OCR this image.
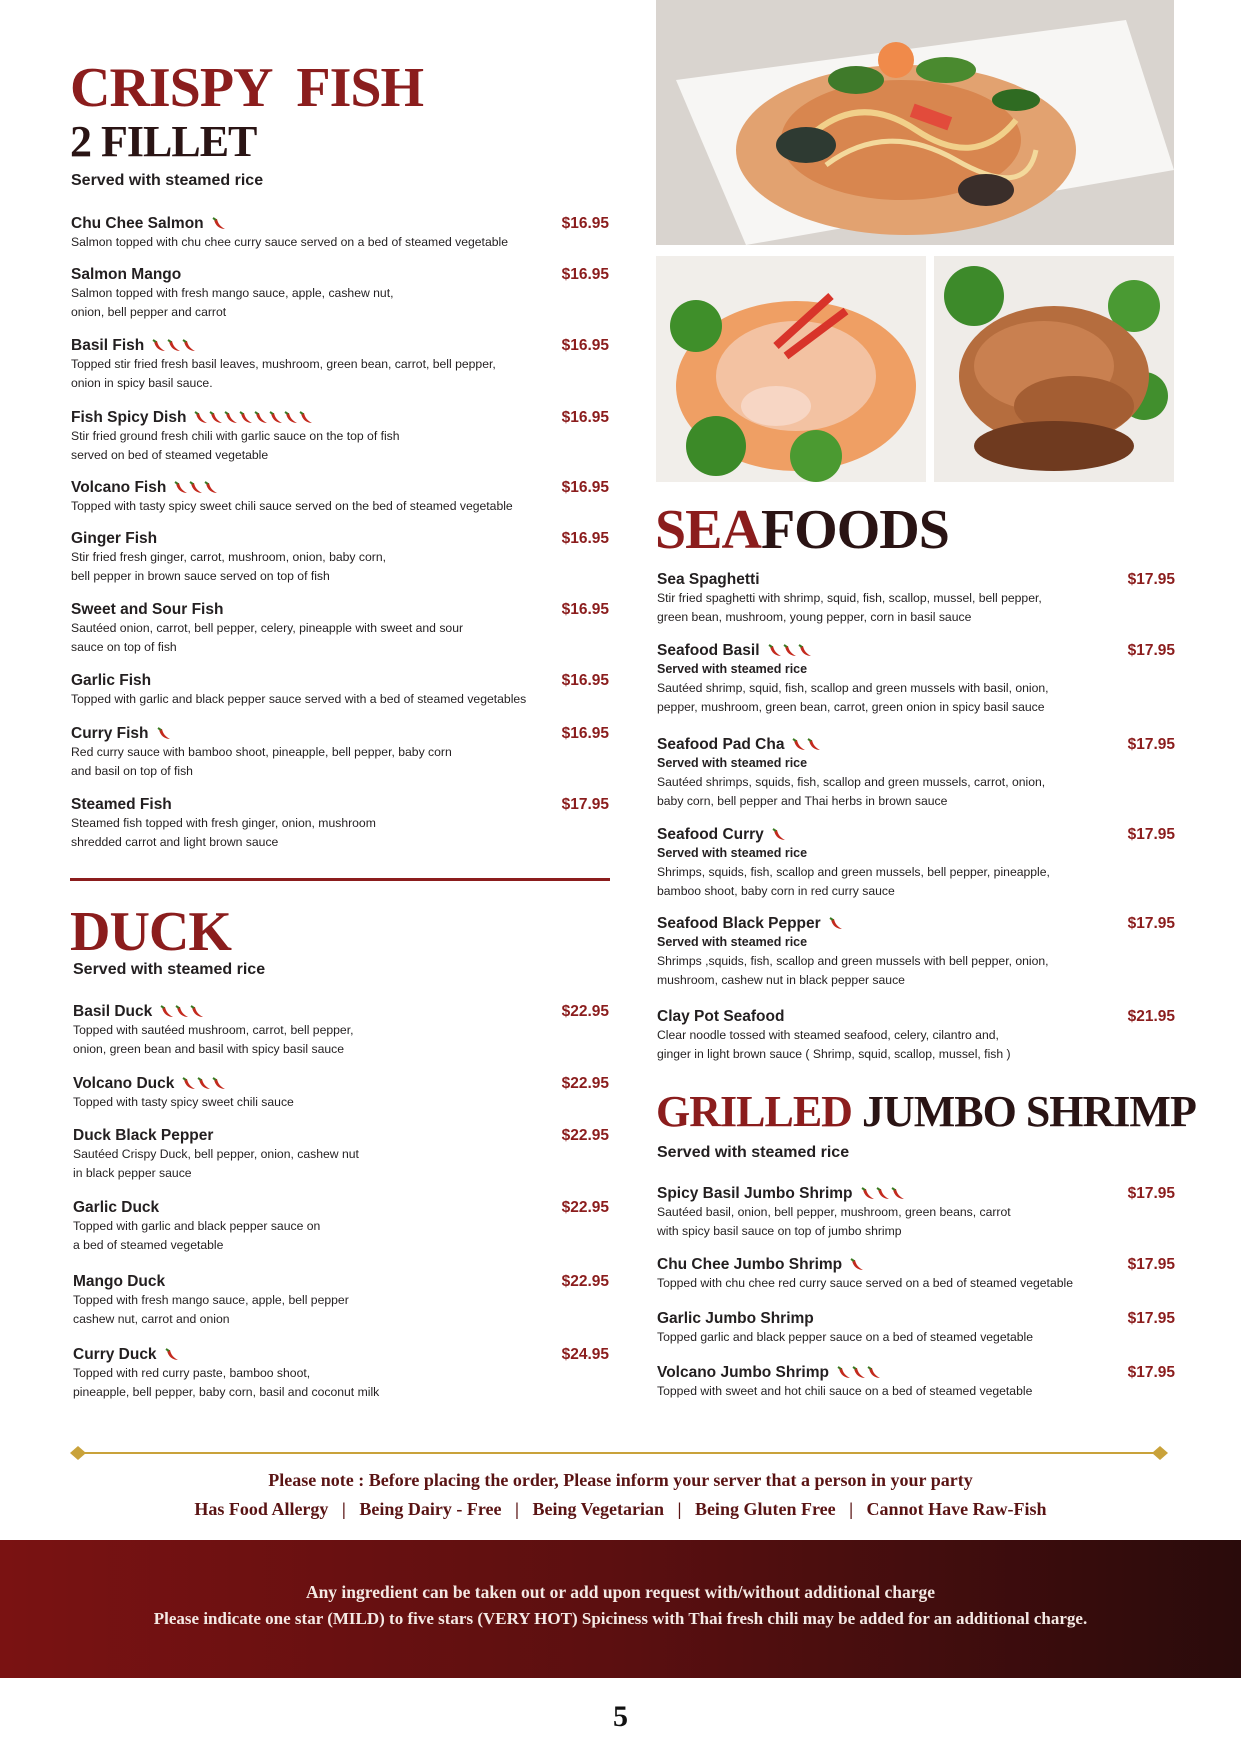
CRISPY  FISH
2 FILLET
Served with steamed rice
Chu Chee Salmon
Salmon topped with chu chee curry sauce served on a bed of steamed vegetable
$16.95
Salmon Mango
Salmon topped with fresh mango sauce, apple, cashew nut,
onion, bell pepper and carrot
$16.95
Basil Fish
Topped stir fried fresh basil leaves, mushroom, green bean, carrot, bell pepper,
onion in spicy basil sauce.
$16.95
Fish Spicy Dish
Stir fried ground fresh chili with garlic sauce on the top of fish
served on bed of steamed vegetable
$16.95
Volcano Fish
Topped with tasty spicy sweet chili sauce served on the bed of steamed vegetable
$16.95
Ginger Fish
Stir fried fresh ginger, carrot, mushroom, onion, baby corn,
bell pepper in brown sauce served on top of fish
$16.95
Sweet and Sour Fish
Sautéed onion, carrot, bell pepper, celery, pineapple with sweet and sour
sauce on top of fish
$16.95
Garlic Fish
Topped with garlic and black pepper sauce served with a bed of steamed vegetables
$16.95
Curry Fish
Red curry sauce with bamboo shoot, pineapple, bell pepper, baby corn
and basil on top of fish
$16.95
Steamed Fish
Steamed fish topped with fresh ginger, onion, mushroom
shredded carrot and light brown sauce
$17.95
DUCK
Served with steamed rice
Basil Duck
Topped with sautéed mushroom, carrot, bell pepper,
onion, green bean and basil with spicy basil sauce
$22.95
Volcano Duck
Topped with tasty spicy sweet chili sauce
$22.95
Duck Black Pepper
Sautéed Crispy Duck, bell pepper, onion, cashew nut
in black pepper sauce
$22.95
Garlic Duck
Topped with garlic and black pepper sauce on
a bed of steamed vegetable
$22.95
Mango Duck
Topped with fresh mango sauce, apple, bell pepper
cashew nut, carrot and onion
$22.95
Curry Duck
Topped with red curry paste, bamboo shoot,
pineapple, bell pepper, baby corn, basil and coconut milk
$24.95
SEAFOODS
Sea Spaghetti
Stir fried spaghetti with shrimp, squid, fish, scallop, mussel, bell pepper,
green bean, mushroom, young pepper, corn in basil sauce
$17.95
Seafood Basil
Served with steamed rice
Sautéed shrimp, squid, fish, scallop and green mussels with basil, onion,
pepper, mushroom, green bean, carrot, green onion in spicy basil sauce
$17.95
Seafood Pad Cha
Served with steamed rice
Sautéed shrimps, squids, fish, scallop and green mussels, carrot, onion,
baby corn, bell pepper and Thai herbs in brown sauce
$17.95
Seafood Curry
Served with steamed rice
Shrimps, squids, fish, scallop and green mussels, bell pepper, pineapple,
bamboo shoot, baby corn in red curry sauce
$17.95
Seafood Black Pepper
Served with steamed rice
Shrimps ,squids, fish, scallop and green mussels with bell pepper, onion,
mushroom, cashew nut in black pepper sauce
$17.95
Clay Pot Seafood
Clear noodle tossed with steamed seafood, celery, cilantro and,
ginger in light brown sauce ( Shrimp, squid, scallop, mussel, fish )
$21.95
GRILLED JUMBO SHRIMP
Served with steamed rice
Spicy Basil Jumbo Shrimp
Sautéed basil, onion, bell pepper, mushroom, green beans, carrot
with spicy basil sauce on top of jumbo shrimp
$17.95
Chu Chee Jumbo Shrimp
Topped with chu chee red curry sauce served on a bed of steamed vegetable
$17.95
Garlic Jumbo Shrimp
Topped garlic and black pepper sauce on a bed of steamed vegetable
$17.95
Volcano Jumbo Shrimp
Topped with sweet and hot chili sauce on a bed of steamed vegetable
$17.95
Please note : Before placing the order, Please inform your server that a person in your party
Has Food Allergy   |   Being Dairy - Free   |   Being Vegetarian   |   Being Gluten Free   |   Cannot Have Raw-Fish
Any ingredient can be taken out or add upon request with/without additional charge
Please indicate one star (MILD) to five stars (VERY HOT) Spiciness with Thai fresh chili may be added for an additional charge.
5
